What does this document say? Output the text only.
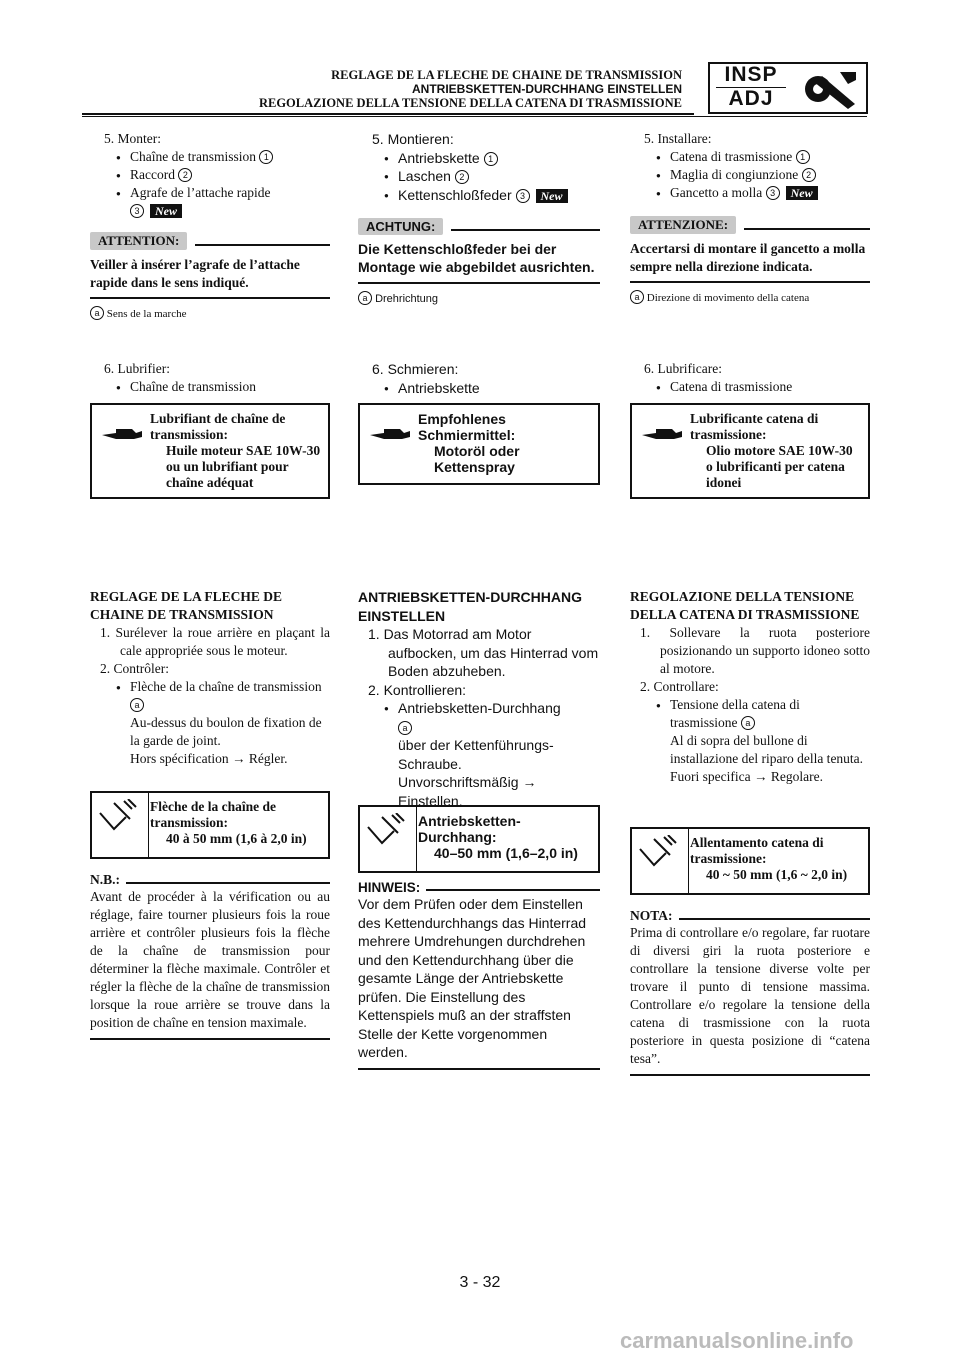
REGLAGE DE LA FLECHE DE CHAINE DE TRANSMISSION
ANTRIEBSKETTEN-DURCHHANG EINSTELLEN
REGOLAZIONE DELLA TENSIONE DELLA CATENA DI TRASMISSIONE
INSP
ADJ
5. Monter:
● Chaîne de transmission 1
● Raccord 2
● Agrafe de l’attache rapide
3 New
ATTENTION:
Veiller à insérer l’agrafe de l’attache rapide dans le sens indiqué.
a Sens de la marche
6. Lubrifier:
● Chaîne de transmission
Lubrifiant de chaîne de transmission:
Huile moteur SAE 10W-30 ou un lubrifiant pour chaîne adéquat
REGLAGE DE LA FLECHE DE CHAINE DE TRANSMISSION
1. Surélever la roue arrière en plaçant la cale appropriée sous le moteur.
2. Contrôler:
● Flèche de la chaîne de transmission a
Au-dessus du boulon de fixation de la garde de joint.
Hors spécification → Régler.
Flèche de la chaîne de transmission:
40 à 50 mm (1,6 à 2,0 in)
N.B.:
Avant de procéder à la vérification ou au réglage, faire tourner plusieurs fois la roue arrière et contrôler plusieurs fois la flèche de la chaîne de transmission pour déterminer la flèche maximale. Contrôler et régler la flèche de la chaîne de transmission lorsque la roue arrière se trouve dans la position de chaîne en tension maximale.
5. Montieren:
● Antriebskette 1
● Laschen 2
● Kettenschloßfeder 3 New
ACHTUNG:
Die Kettenschloßfeder bei der Montage wie abgebildet ausrichten.
a Drehrichtung
6. Schmieren:
● Antriebskette
Empfohlenes Schmiermittel:
Motoröl oder Kettenspray
ANTRIEBSKETTEN-DURCHHANG EINSTELLEN
1. Das Motorrad am Motor aufbocken, um das Hinterrad vom Boden abzuheben.
2. Kontrollieren:
● Antriebsketten-Durchhang
a
über der Kettenführungs-Schraube.
Unvorschriftsmäßig → Einstellen.
Antriebsketten-Durchhang:
40–50 mm (1,6–2,0 in)
HINWEIS:
Vor dem Prüfen oder dem Einstellen des Kettendurchhangs das Hinterrad mehrere Umdrehungen durchdrehen und den Kettendurchhang über die gesamte Länge der Antriebskette prüfen. Die Einstellung des Kettenspiels muß an der straffsten Stelle der Kette vorgenommen werden.
5. Installare:
● Catena di trasmissione 1
● Maglia di congiunzione 2
● Gancetto a molla 3 New
ATTENZIONE:
Accertarsi di montare il gancetto a molla sempre nella direzione indicata.
a Direzione di movimento della catena
6. Lubrificare:
● Catena di trasmissione
Lubrificante catena di trasmissione:
Olio motore SAE 10W-30 o lubrificanti per catena idonei
REGOLAZIONE DELLA TENSIONE DELLA CATENA DI TRASMISSIONE
1. Sollevare la ruota posteriore posizionando un supporto idoneo sotto al motore.
2. Controllare:
● Tensione della catena di trasmissione a
Al di sopra del bullone di installazione del riparo della tenuta.
Fuori specifica → Regolare.
Allentamento catena di trasmissione:
40 ~ 50 mm (1,6 ~ 2,0 in)
NOTA:
Prima di controllare e/o regolare, far ruotare di diversi giri la ruota posteriore e controllare la tensione diverse volte per trovare il punto di tensione massima. Controllare e/o regolare la tensione della catena di trasmissione con la ruota posteriore in questa posizione di “catena tesa”.
3 - 32
carmanualsonline.info
